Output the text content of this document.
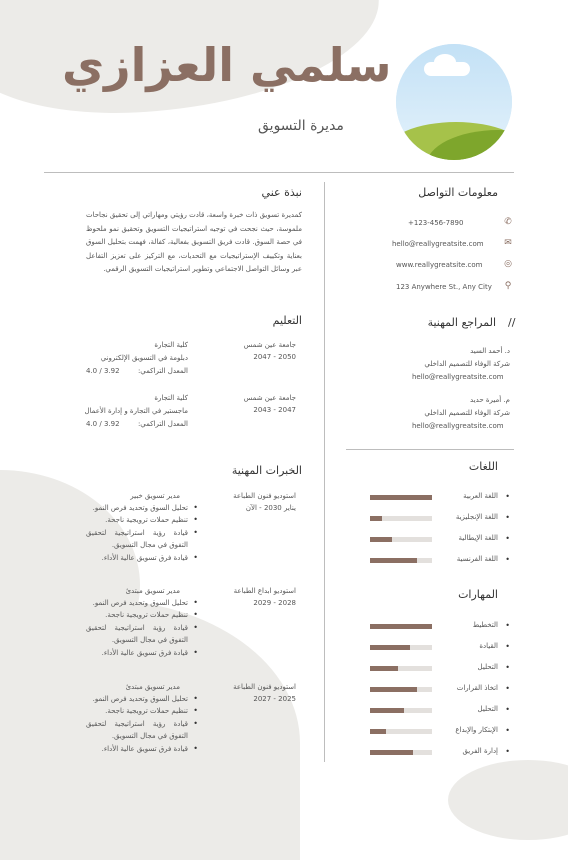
سلمي العزازي
مديرة التسويق
معلومات التواصل
✆
+123-456-7890
✉
hello@reallygreatsite.com
◎
www.reallygreatsite.com
⚲
123 Anywhere St., Any City
المراجع المهنية //
د. أحمد السيد
شركة الوفاء للتصميم الداخلي
hello@reallygreatsite.com
م. أميرة حديد
شركة الوفاء للتصميم الداخلي
hello@reallygreatsite.com
اللغات
اللغة العربية •
اللغة الإنجليزية •
اللغة الإيطالية •
اللغة الفرنسية •
المهارات
التخطيط •
القيادة •
التحليل •
اتخاذ القرارات •
التحليل •
الإبتكار والإبداع •
إدارة الفريق •
نبذة عني
كمديرة تسويق ذات خبرة واسعة، قادت رؤيتي ومهاراتي إلى تحقيق نجاحات ملموسة، حيث نجحت في توجيه استراتيجيات التسويق وتحقيق نمو ملحوظ في حصة السوق. قادت فريق التسويق بفعالية، كفالة، فهمت بتحليل السوق بعناية وتكييف الإستراتيجيات مع التحديات، مع التركيز على تعزيز التفاعل عبر وسائل التواصل الاجتماعي وتطوير استراتيجيات التسويق الرقمي.
التعليم
جامعة عين شمس
2047 - 2050
كلية التجارة
دبلومة في التسويق الإلكتروني
المعدل التراكمي:
4.0 / 3.92
جامعة عين شمس
2043 - 2047
كلية التجارة
ماجستير في التجارة و إدارة الأعمال
المعدل التراكمي:
4.0 / 3.92
الخبرات المهنية
استوديو فنون الطباعة
يناير 2030 - الآن
مدير تسويق خبير
• تحليل السوق وتحديد فرص النمو.
• تنظيم حملات ترويجية ناجحة.
• قيادة رؤية استراتيجية لتحقيق التفوق في مجال التسويق.
• قيادة فرق تسويق عالية الأداء.
استوديو ابداع الطباعة
2028 - 2029
مدير تسويق مبتدئ
• تحليل السوق وتحديد فرص النمو.
• تنظيم حملات ترويجية ناجحة.
• قيادة رؤية استراتيجية لتحقيق التفوق في مجال التسويق.
• قيادة فرق تسويق عالية الأداء.
استوديو فنون الطباعة
2025 - 2027
مدير تسويق مبتدئ
• تحليل السوق وتحديد فرص النمو.
• تنظيم حملات ترويجية ناجحة.
• قيادة رؤية استراتيجية لتحقيق التفوق في مجال التسويق.
• قيادة فرق تسويق عالية الأداء.
